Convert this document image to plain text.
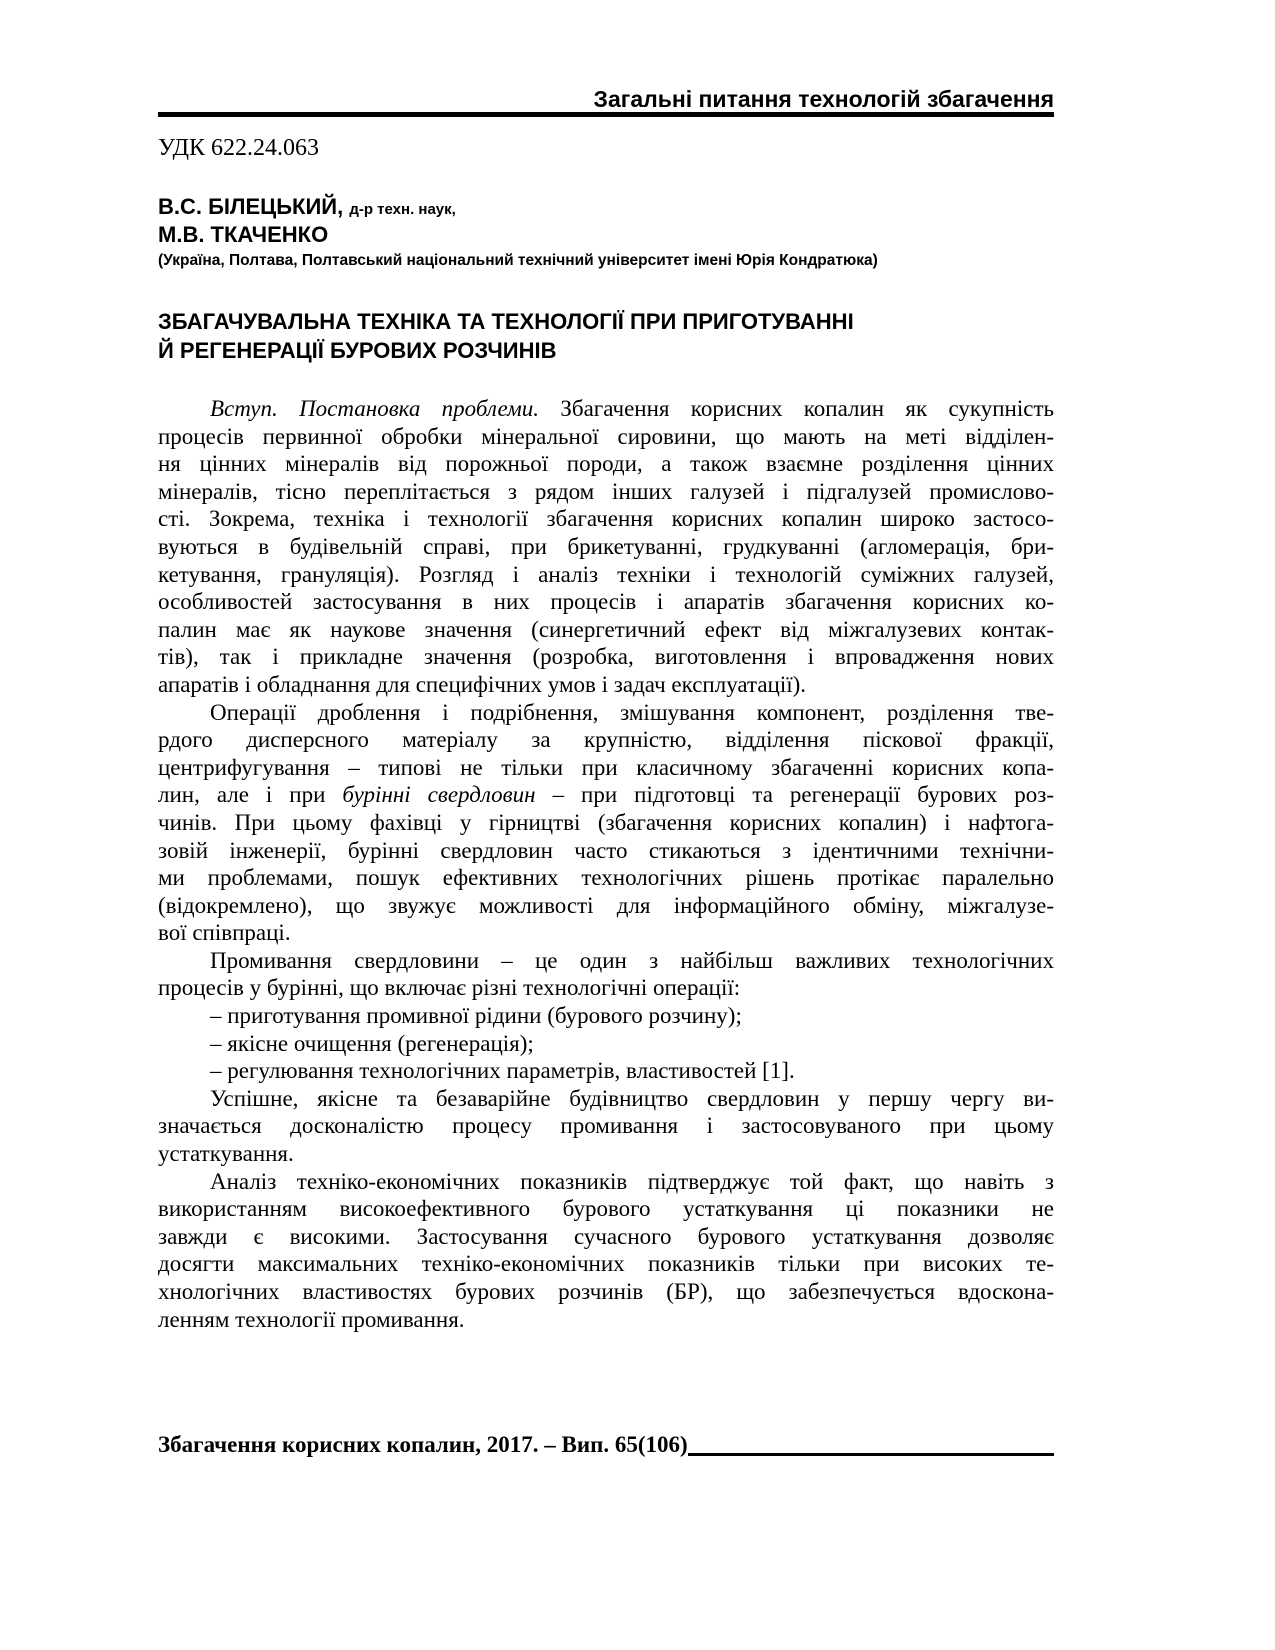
Загальні питання технологій збагачення
УДК 622.24.063
В.С. БІЛЕЦЬКИЙ, д-р техн. наук,
М.В. ТКАЧЕНКО
(Україна, Полтава, Полтавський національний технічний університет імені Юрія Кондратюка)
ЗБАГАЧУВАЛЬНА ТЕХНІКА ТА ТЕХНОЛОГІЇ ПРИ ПРИГОТУВАННІ
Й РЕГЕНЕРАЦІЇ БУРОВИХ РОЗЧИНІВ
Вступ. Постановка проблеми. Збагачення корисних копалин як сукупність
процесів первинної обробки мінеральної сировини, що мають на меті відділен-
ня цінних мінералів від порожньої породи, а також взаємне розділення цінних
мінералів, тісно переплітається з рядом інших галузей і підгалузей промислово-
сті. Зокрема, техніка і технології збагачення корисних копалин широко застосо-
вуються в будівельній справі, при брикетуванні, грудкуванні (агломерація, бри-
кетування, грануляція). Розгляд і аналіз техніки і технологій суміжних галузей,
особливостей застосування в них процесів і апаратів збагачення корисних ко-
палин має як наукове значення (синергетичний ефект від міжгалузевих контак-
тів), так і прикладне значення (розробка, виготовлення і впровадження нових
апаратів і обладнання для специфічних умов і задач експлуатації).
Операції дроблення і подрібнення, змішування компонент, розділення тве-
рдого дисперсного матеріалу за крупністю, відділення піскової фракції,
центрифугування – типові не тільки при класичному збагаченні корисних копа-
лин, але і при бурінні свердловин – при підготовці та регенерації бурових роз-
чинів. При цьому фахівці у гірництві (збагачення корисних копалин) і нафтога-
зовій інженерії, бурінні свердловин часто стикаються з ідентичними технічни-
ми проблемами, пошук ефективних технологічних рішень протікає паралельно
(відокремлено), що звужує можливості для інформаційного обміну, міжгалузе-
вої співпраці.
Промивання свердловини – це один з найбільш важливих технологічних
процесів у бурінні, що включає різні технологічні операції:
– приготування промивної рідини (бурового розчину);
– якісне очищення (регенерація);
– регулювання технологічних параметрів, властивостей [1].
Успішне, якісне та безаварійне будівництво свердловин у першу чергу ви-
значається досконалістю процесу промивання і застосовуваного при цьому
устаткування.
Аналіз техніко-економічних показників підтверджує той факт, що навіть з
використанням високоефективного бурового устаткування ці показники не
завжди є високими. Застосування сучасного бурового устаткування дозволяє
досягти максимальних техніко-економічних показників тільки при високих те-
хнологічних властивостях бурових розчинів (БР), що забезпечується вдоскона-
ленням технології промивання.
Збагачення корисних копалин, 2017. – Вип. 65(106)
